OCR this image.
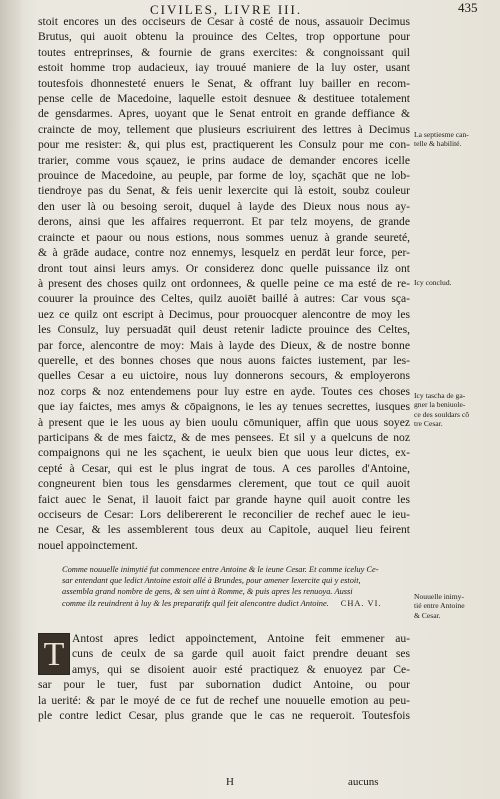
CIVILES, LIVRE III.	435
stoit encores un des occiseurs de Cesar à costé de nous, assauoir Decimus
Brutus, qui auoit obtenu la prouince des Celtes, trop opportune pour
toutes entreprinses, & fournie de grans exercites: & congnoissant quil
estoit homme trop audacieux, iay trouué maniere de la luy oster, usant
toutesfois dhonnesteté enuers le Senat, & offrant luy bailler en recom-
pense celle de Macedoine, laquelle estoit desnuee & destituee totalement
de gensdarmes. Apres, uoyant que le Senat entroit en grande deffiance &
craincte de moy, tellement que plusieurs escriuirent des lettres à Decimus
pour me resister: &, qui plus est, practiquerent les Consulz pour me con-
trarier, comme vous sçauez, ie prins audace de demander encores icelle
prouince de Macedoine, au peuple, par forme de loy, sçachāt que ne lob-
tiendroye pas du Senat, & feis uenir lexercite qui là estoit, soubz couleur
den user là ou besoing seroit, duquel à layde des Dieux nous nous ay-
derons, ainsi que les affaires requerront. Et par telz moyens, de grande
craincte et paour ou nous estions, nous sommes uenuz à grande seureté,
& à grāde audace, contre noz ennemys, lesquelz en perdāt leur force, per-
dront tout ainsi leurs amys. Or considerez donc quelle puissance ilz ont
à present des choses quilz ont ordonnees, & quelle peine ce ma esté de re-
couurer la prouince des Celtes, quilz auoiēt baillé à autres: Car vous sça-
uez ce quilz ont escript à Decimus, pour prouocquer alencontre de moy les
les Consulz, luy persuadāt quil deust retenir ladicte prouince des Celtes,
par force, alencontre de moy: Mais à layde des Dieux, & de nostre bonne
querelle, et des bonnes choses que nous auons faictes iustement, par les-
quelles Cesar a eu uictoire, nous luy donnerons secours, & employerons
noz corps & noz entendemens pour luy estre en ayde. Toutes ces choses
que iay faictes, mes amys & cōpaignons, ie les ay tenues secrettes, iusques
à present que ie les uous ay bien uoulu cōmuniquer, affin que uous soyez
participans & de mes faictz, & de mes pensees. Et sil y a quelcuns de noz
compaignons qui ne les sçachent, ie ueulx bien que uous leur dictes, ex-
cepté à Cesar, qui est le plus ingrat de tous. A ces parolles d'Antoine,
congneurent bien tous les gensdarmes clerement, que tout ce quil auoit
faict auec le Senat, il lauoit faict par grande hayne quil auoit contre les
occiseurs de Cesar: Lors delibererent le reconcilier de rechef auec le ieu-
ne Cesar, & les assemblerent tous deux au Capitole, auquel lieu feirent
nouel appoinctement.
Comme nouuelle inimytié fut commencee entre Antoine & le ieune Cesar. Et comme iceluy Ce-
sar entendant que ledict Antoine estoit allé à Brundes, pour amener lexercite qui y estoit,
assembla grand nombre de gens, & sen uint à Romme, & puis apres les renuoya. Aussi
comme ilz reuindrent à luy & les preparatifz quil feit alencontre dudict Antoine. CHA. VI.
T Antost apres ledict appoinctement, Antoine feit emmener au-
cuns de ceulx de sa garde quil auoit faict prendre deuant ses
amys, qui se disoient auoir esté practiquez & enuoyez par Ce-
sar pour le tuer, fust par subornation dudict Antoine, ou pour
la uerité: & par le moyé de ce fut de rechef une nouuelle emotion au peu-
ple contre ledict Cesar, plus grande que le cas ne requeroit. Toutesfois
H	aucuns
La septiesme can-
telle & habilité.
Icy conclud.
Icy tascha de ga-
gner la beniuole-
ce des souldars cō
tre Cesar.
Nouuelle inimy-
tié entre Antoine
& Cesar.
